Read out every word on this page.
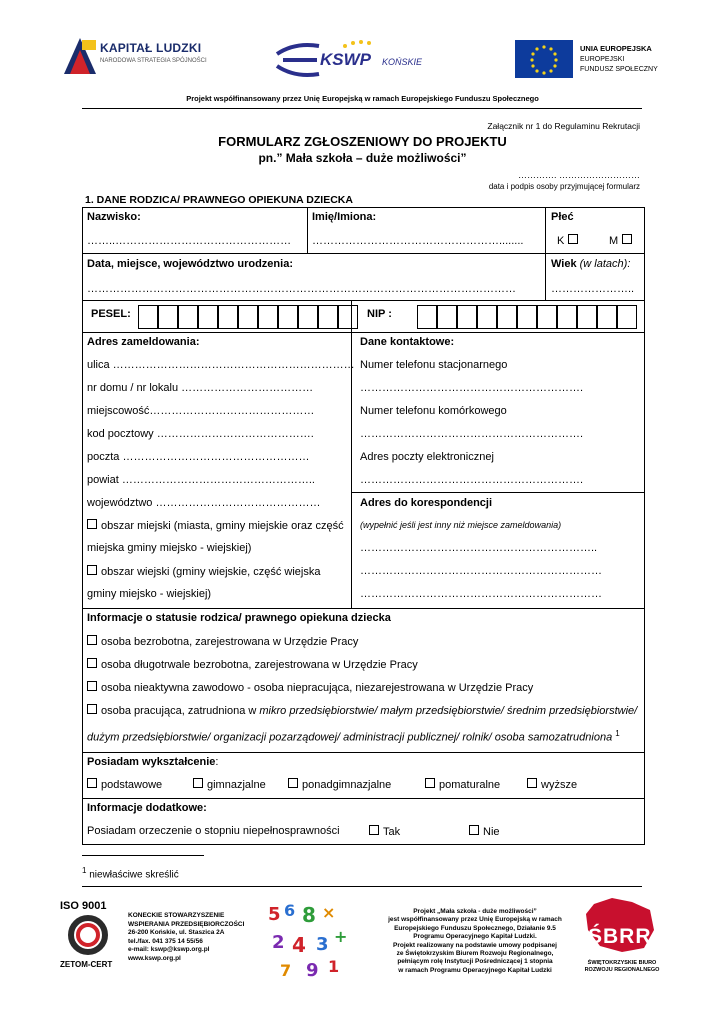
KAPITAŁ LUDZKI
NARODOWA STRATEGIA SPÓJNOŚCI	KSWP KOŃSKIE
UNIA EUROPEJSKA
EUROPEJSKI
FUNDUSZ SPOŁECZNY
Projekt współfinansowany przez Unię Europejską w ramach Europejskiego Funduszu Społecznego
Załącznik nr 1 do Regulaminu Rekrutacji
FORMULARZ ZGŁOSZENIOWY DO PROJEKTU
pn.” Mała szkoła – duże możliwości”
…………. ………………………
data i podpis osoby przyjmującej formularz
1. DANE RODZICA/ PRAWNEGO OPIEKUNA DZIECKA
Nazwisko:
……..…………………………………………
Imię/Imiona:
……………………………………………........
Płeć
K	M
Data, miejsce, województwo urodzenia:
………………………………………………………………………………………………………
Wiek (w latach):
…………………..
PESEL:	NIP :
Adres zameldowania:
ulica …………………………………………………………
nr domu / nr lokalu ………………………………
miejscowość………………………………………
kod pocztowy …………………………………….
poczta ……………………………………………
powiat ……………………………………………..
województwo ………………………………………
obszar miejski (miasta, gminy miejskie oraz część
miejska gminy miejsko - wiejskiej)
obszar wiejski (gminy wiejskie, część wiejska
gminy miejsko - wiejskiej)
Dane kontaktowe:
Numer telefonu stacjonarnego
…………………………………………………….
Numer telefonu komórkowego
…………………………………………………….
Adres poczty elektronicznej
…………………………………………………….
Adres do korespondencji
(wypełnić jeśli jest inny niż miejsce zameldowania)
………………………………………………………..
…………………………………………………………
…………………………………………………………
Informacje o statusie rodzica/ prawnego opiekuna dziecka
osoba bezrobotna, zarejestrowana w Urzędzie Pracy
osoba długotrwale bezrobotna, zarejestrowana w Urzędzie Pracy
osoba nieaktywna zawodowo - osoba niepracująca, niezarejestrowana w Urzędzie Pracy
osoba pracująca, zatrudniona w mikro przedsiębiorstwie/ małym przedsiębiorstwie/ średnim przedsiębiorstwie/
dużym przedsiębiorstwie/ organizacji pozarządowej/ administracji publicznej/ rolnik/ osoba samozatrudniona $^1$
Posiadam wykształcenie:
podstawowe	gimnazjalne	ponadgimnazjalne	pomaturalne	wyższe
Informacje dodatkowe:
Posiadam orzeczenie o stopniu niepełnosprawności	Tak	Nie
$^1$ niewłaściwe skreślić
ISO 9001
ZETOM-CERT
KONECKIE STOWARZYSZENIE
WSPIERANIA PRZEDSIĘBIORCZOŚCI
26-200 Końskie, ul. Staszica 2A
tel./fax. 041 375 14 55/56
e-mail: kswp@kswp.org.pl
www.kswp.org.pl
5 6 8 ×
2 4 3 +
7 9 1
Projekt „Mała szkoła - duże możliwości”
jest współfinansowany przez Unię Europejską w ramach
Europejskiego Funduszu Społecznego, Działanie 9.5
Programu Operacyjnego Kapitał Ludzki.
Projekt realizowany na podstawie umowy podpisanej
ze Świętokrzyskim Biurem Rozwoju Regionalnego,
pełniącym rolę Instytucji Pośredniczącej 1 stopnia
w ramach Programu Operacyjnego Kapitał Ludzki
ŚBRR
ŚWIĘTOKRZYSKIE BIURO
ROZWOJU REGIONALNEGO
